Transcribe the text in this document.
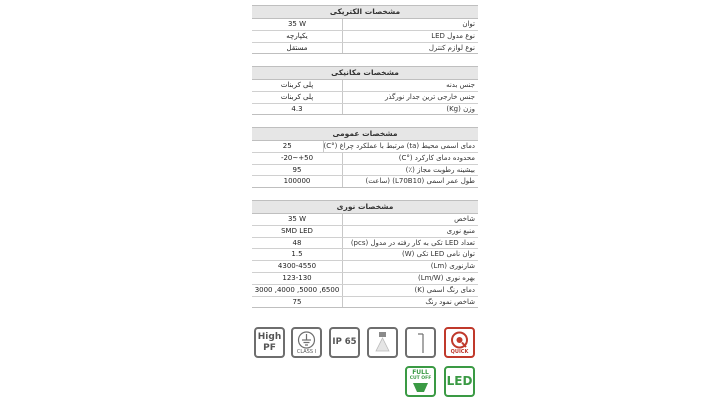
مشخصات الکتریکی
35 W	توان
یکپارچه	نوع مدول LED
مستقل	نوع لوازم کنترل
مشخصات مکانیکی
پلی کربنات	جنس بدنه
پلی کربنات	جنس خارجی ترین جدار نورگذر
4.3	وزن (Kg)
مشخصات عمومی
25	دمای اسمی محیط (ta) مرتبط با عملکرد چراغ (°C)
-20~+50	محدوده دمای کارکرد (°C)
95	بیشینه رطوبت مجاز (٪)
100000	طول عمر اسمی (L70B10) (ساعت)
مشخصات نوری
35 W	شاخص
SMD LED	منبع نوری
48	تعداد LED تکی به کار رفته در مدول (pcs)
1.5	توان نامی LED تکی (W)
4300-4550	شارنوری (Lm)
123-130	بهره نوری (Lm/W)
3000 ,4000 ,5000 ,6500	دمای رنگ اسمی (K)
75	شاخص نمود رنگ
High
PF	CLASS I
IP 65
QUICK
FULL
CUT OFF LED
